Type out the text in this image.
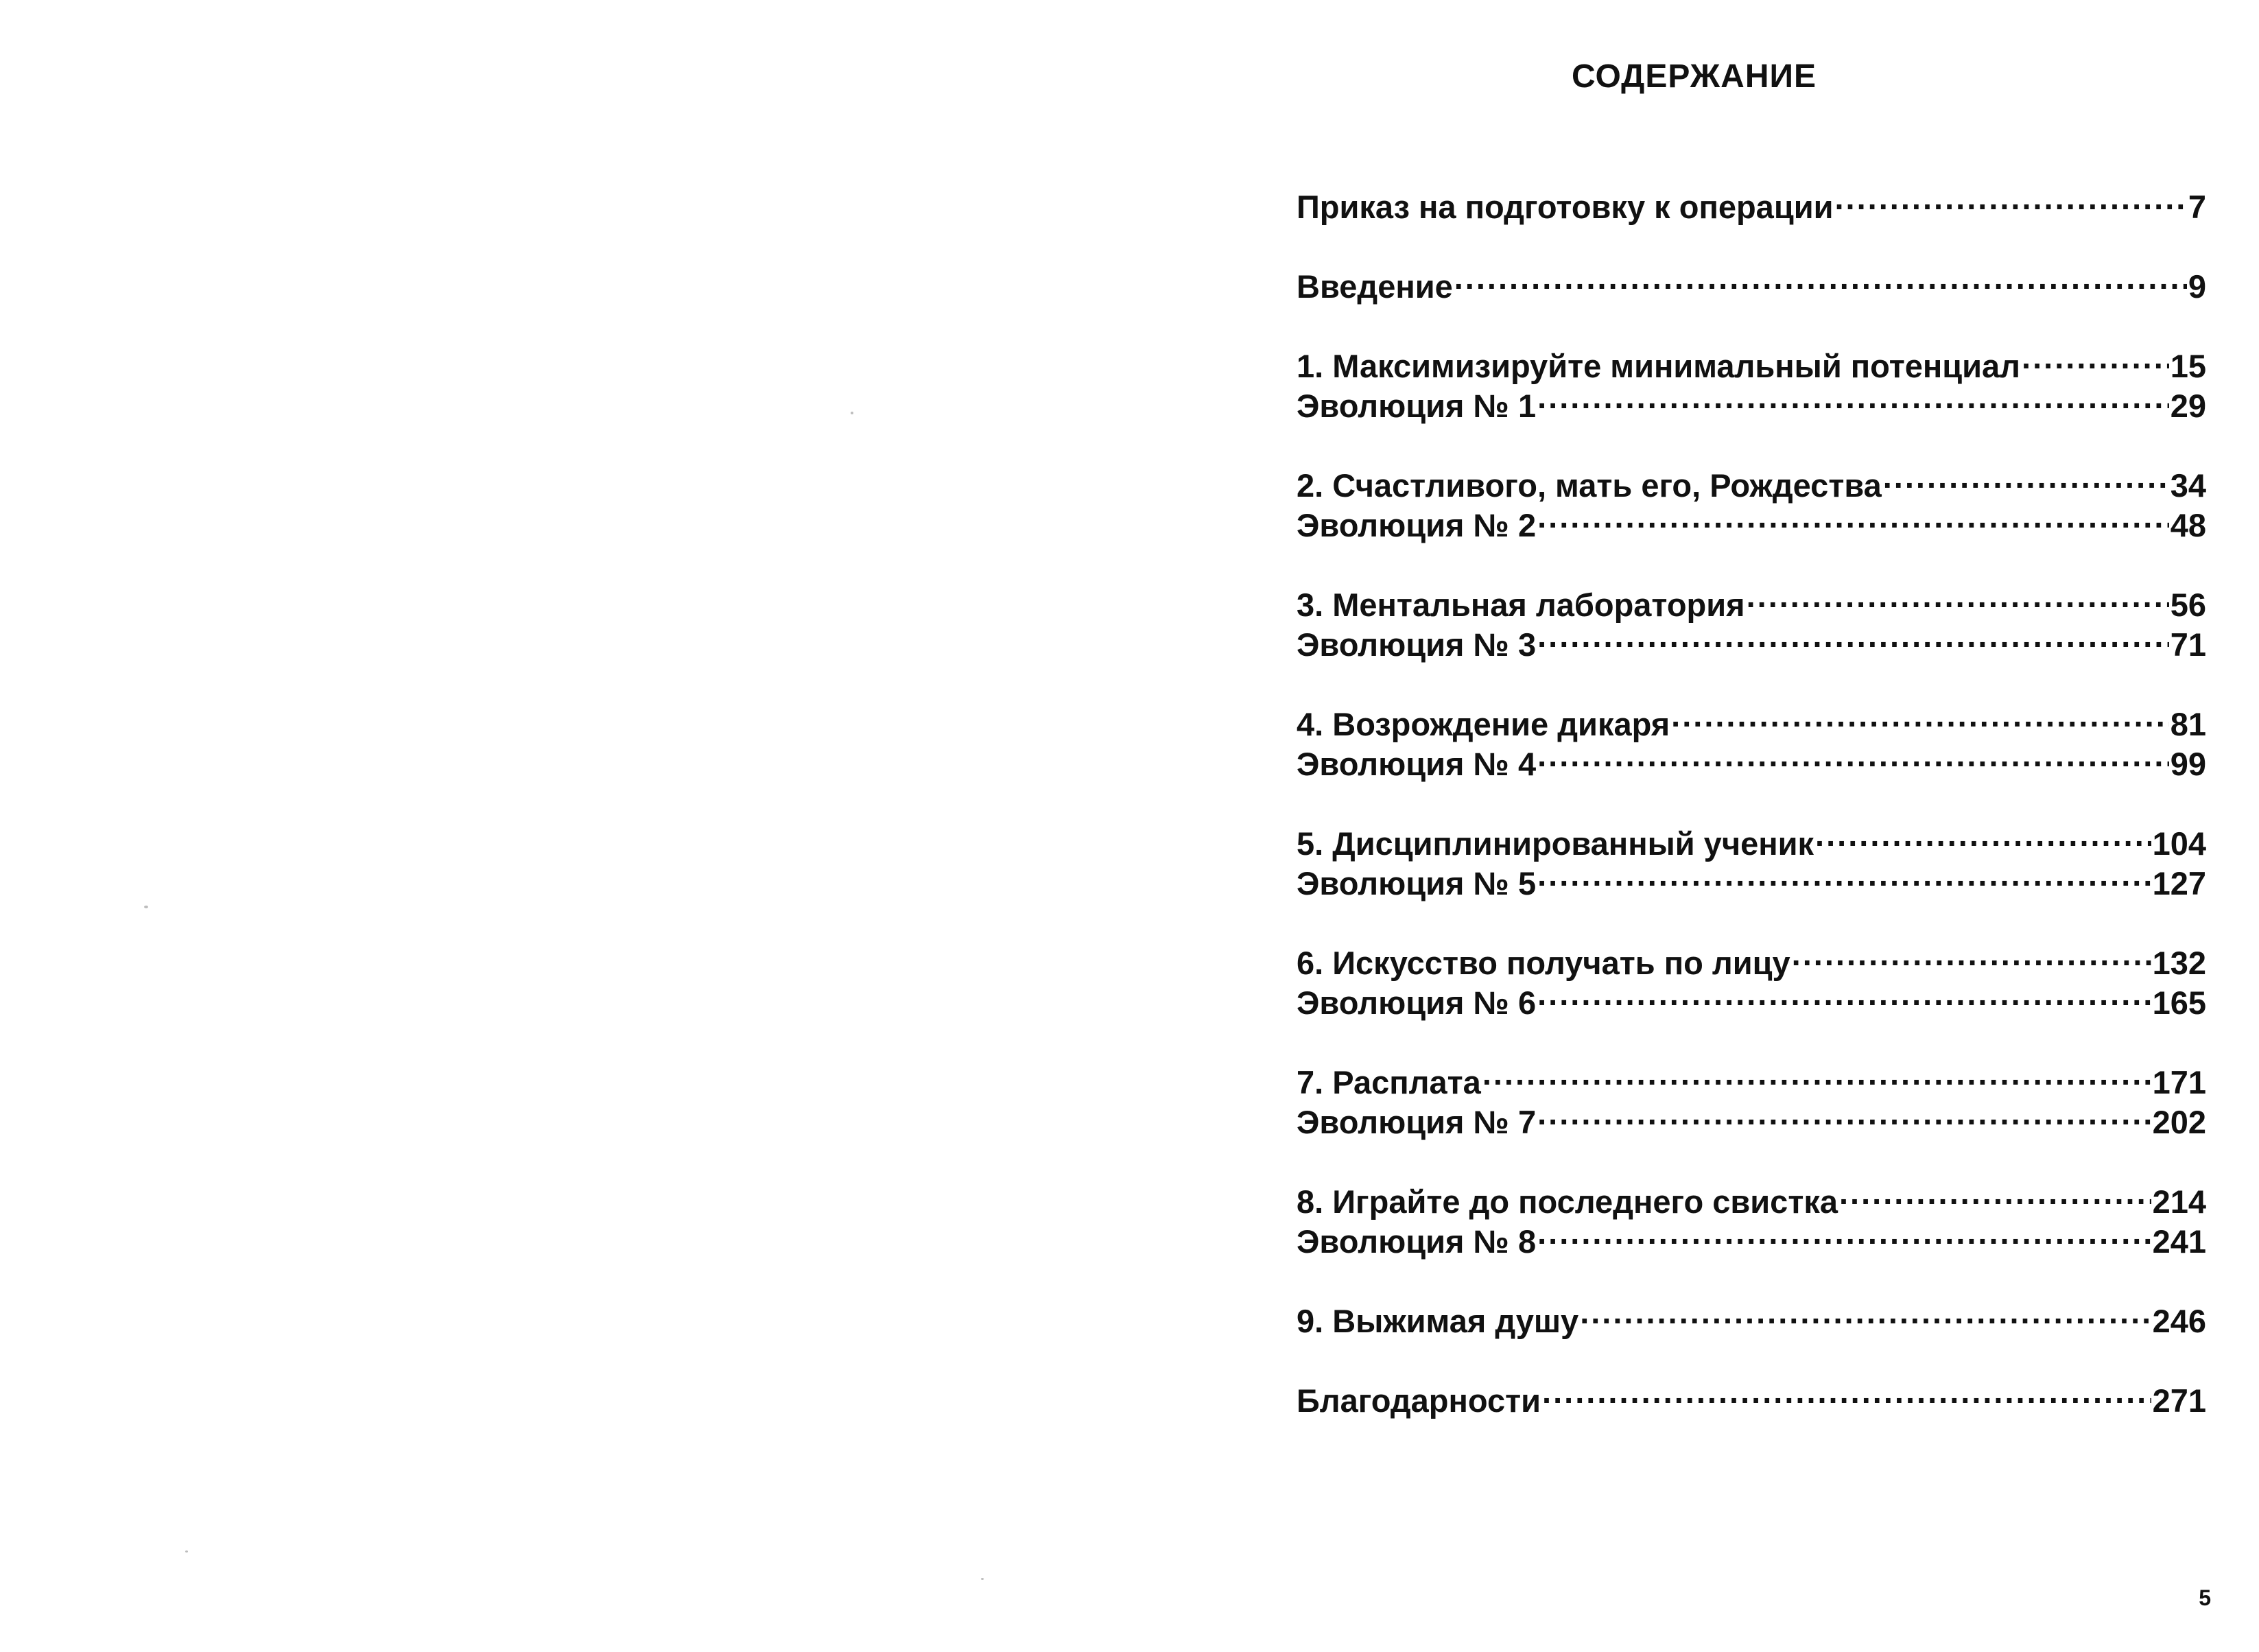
СОДЕРЖАНИЕ
Приказ на подготовку к операции .....	7
Введение .....	9
1. Максимизируйте минимальный потенциал .....	15
Эволюция № 1 .....	29
2. Счастливого, мать его, Рождества .....	34
Эволюция № 2 .....	48
3. Ментальная лаборатория .....	56
Эволюция № 3 .....	71
4. Возрождение дикаря .....	81
Эволюция № 4 .....	99
5. Дисциплинированный ученик .....	104
Эволюция № 5 .....	127
6. Искусство получать по лицу .....	132
Эволюция № 6 .....	165
7. Расплата .....	171
Эволюция № 7 .....	202
8. Играйте до последнего свистка .....	214
Эволюция № 8 .....	241
9. Выжимая душу .....	246
Благодарности .....	271
5
